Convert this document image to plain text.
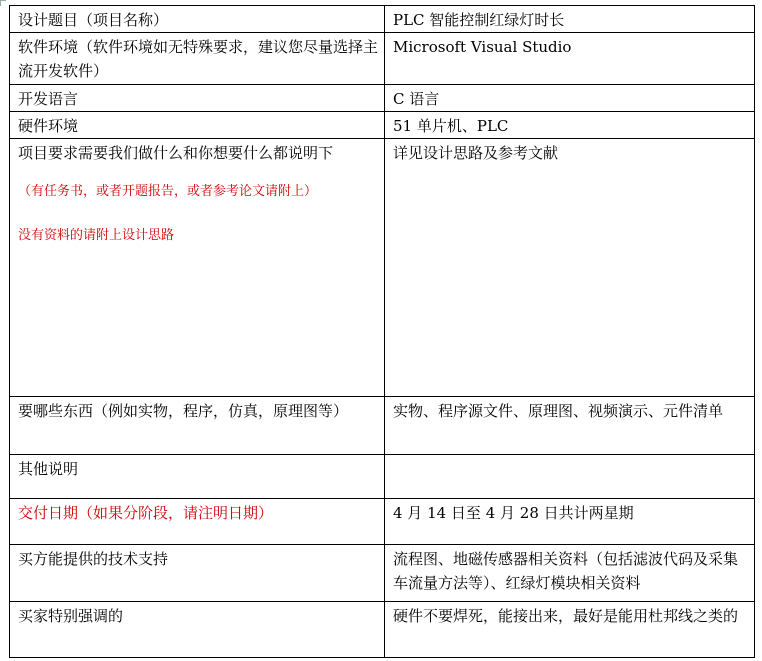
设计题目（项目名称）	PLC 智能控制红绿灯时长
软件环境（软件环境如无特殊要求，建议您尽量选择主流开发软件）	Microsoft Visual Studio
开发语言	C 语言
硬件环境	51 单片机、PLC
项目要求需要我们做什么和你想要什么都说明下
（有任务书，或者开题报告，或者参考论文请附上）
没有资料的请附上设计思路	详见设计思路及参考文献
要哪些东西（例如实物，程序，仿真，原理图等）	实物、程序源文件、原理图、视频演示、元件清单
其他说明	
交付日期（如果分阶段，请注明日期）	4 月 14 日至 4 月 28 日共计两星期
买方能提供的技术支持	流程图、地磁传感器相关资料（包括滤波代码及采集车流量方法等）、红绿灯模块相关资料
买家特别强调的	硬件不要焊死，能接出来，最好是能用杜邦线之类的
